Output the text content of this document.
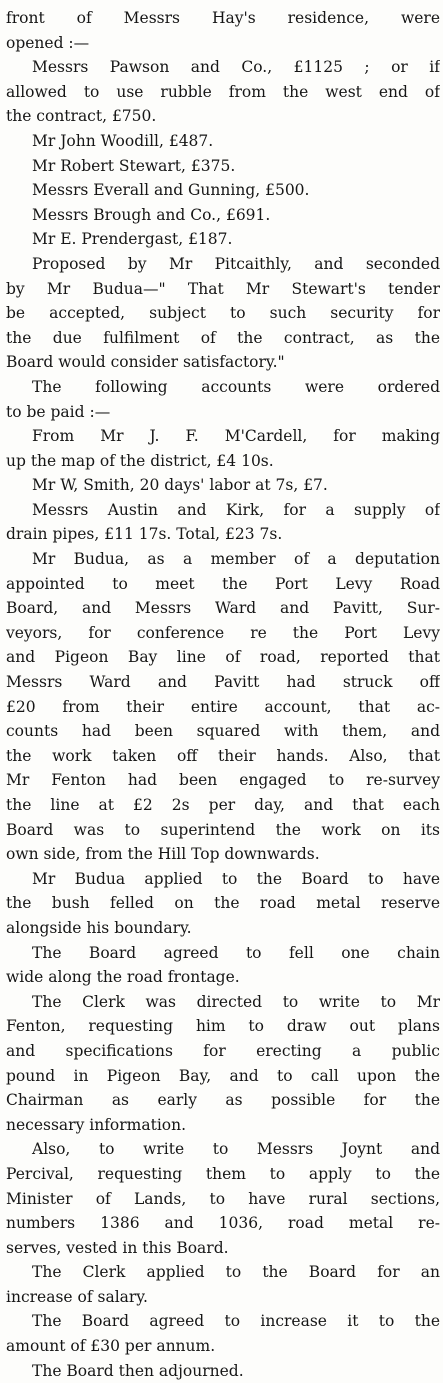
front of Messrs Hay's residence, were
opened :—
Messrs Pawson and Co., £1125 ; or if
allowed to use rubble from the west end of
the contract, £750.
Mr John Woodill, £487.
Mr Robert Stewart, £375.
Messrs Everall and Gunning, £500.
Messrs Brough and Co., £691.
Mr E. Prendergast, £187.
Proposed by Mr Pitcaithly, and seconded
by Mr Budua—" That Mr Stewart's tender
be accepted, subject to such security for
the due fulfilment of the contract, as the
Board would consider satisfactory."
The following accounts were ordered
to be paid :—
From Mr J. F. M'Cardell, for making
up the map of the district, £4 10s.
Mr W, Smith, 20 days' labor at 7s, £7.
Messrs Austin and Kirk, for a supply of
drain pipes, £11 17s. Total, £23 7s.
Mr Budua, as a member of a deputation
appointed to meet the Port Levy Road
Board, and Messrs Ward and Pavitt, Sur-
veyors, for conference re the Port Levy
and Pigeon Bay line of road, reported that
Messrs Ward and Pavitt had struck off
£20 from their entire account, that ac-
counts had been squared with them, and
the work taken off their hands. Also, that
Mr Fenton had been engaged to re-survey
the line at £2 2s per day, and that each
Board was to superintend the work on its
own side, from the Hill Top downwards.
Mr Budua applied to the Board to have
the bush felled on the road metal reserve
alongside his boundary.
The Board agreed to fell one chain
wide along the road frontage.
The Clerk was directed to write to Mr
Fenton, requesting him to draw out plans
and specifications for erecting a public
pound in Pigeon Bay, and to call upon the
Chairman as early as possible for the
necessary information.
Also, to write to Messrs Joynt and
Percival, requesting them to apply to the
Minister of Lands, to have rural sections,
numbers 1386 and 1036, road metal re-
serves, vested in this Board.
The Clerk applied to the Board for an
increase of salary.
The Board agreed to increase it to the
amount of £30 per annum.
The Board then adjourned.
